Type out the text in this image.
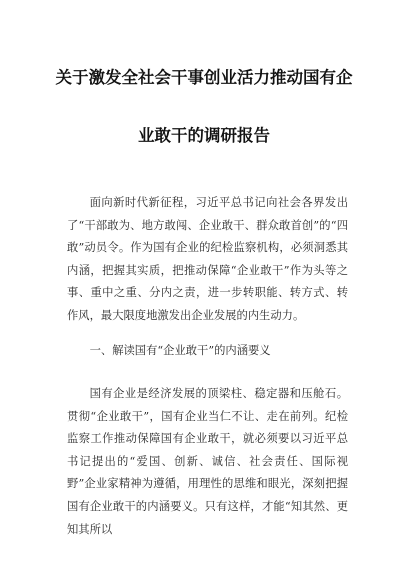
关于激发全社会干事创业活力推动国有企
业敢干的调研报告

面向新时代新征程，习近平总书记向社会各界发出了“干部敢为、地方敢闯、企业敢干、群众敢首创”的“四敢”动员令。作为国有企业的纪检监察机构，必须洞悉其内涵，把握其实质，把推动保障“企业敢干”作为头等之事、重中之重、分内之责，进一步转职能、转方式、转作风，最大限度地激发出企业发展的内生动力。

一、解读国有“企业敢干”的内涵要义

国有企业是经济发展的顶梁柱、稳定器和压舱石。贯彻“企业敢干”，国有企业当仁不让、走在前列。纪检监察工作推动保障国有企业敢干，就必须要以习近平总书记提出的“爱国、创新、诚信、社会责任、国际视野”企业家精神为遵循，用理性的思维和眼光，深刻把握国有企业敢干的内涵要义。只有这样，才能“知其然、更知其所以
